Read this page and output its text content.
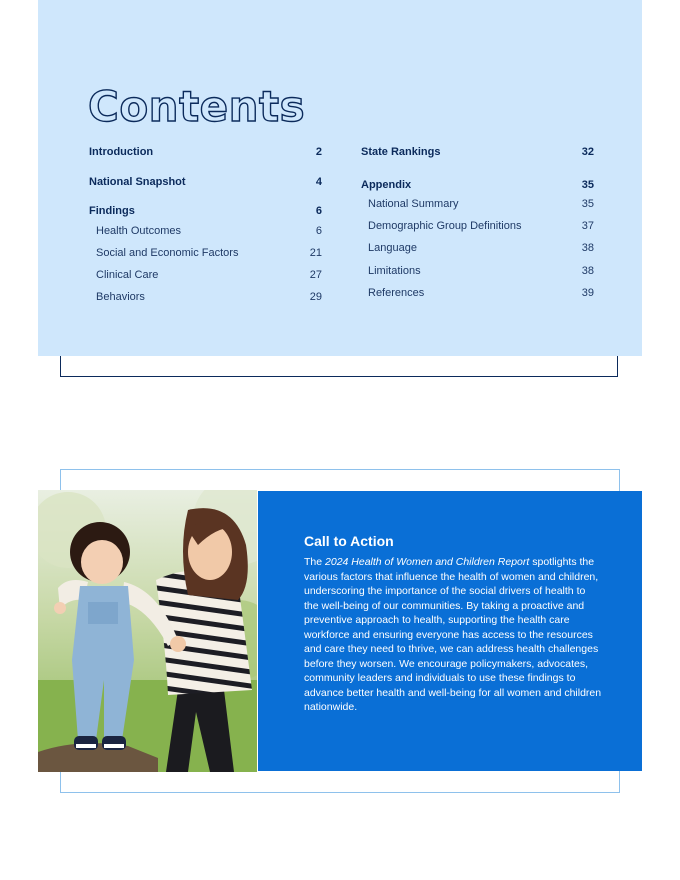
Contents
Introduction	2
National Snapshot	4
Findings	6
Health Outcomes	6
Social and Economic Factors	21
Clinical Care	27
Behaviors	29
State Rankings	32
Appendix	35
National Summary	35
Demographic Group Definitions	37
Language	38
Limitations	38
References	39
Call to Action

The 2024 Health of Women and Children Report spotlights the various factors that influence the health of women and children, underscoring the importance of the social drivers of health to the well-being of our communities. By taking a proactive and preventive approach to health, supporting the health care workforce and ensuring everyone has access to the resources and care they need to thrive, we can address health challenges before they worsen. We encourage policymakers, advocates, community leaders and individuals to use these findings to advance better health and well-being for all women and children nationwide.
